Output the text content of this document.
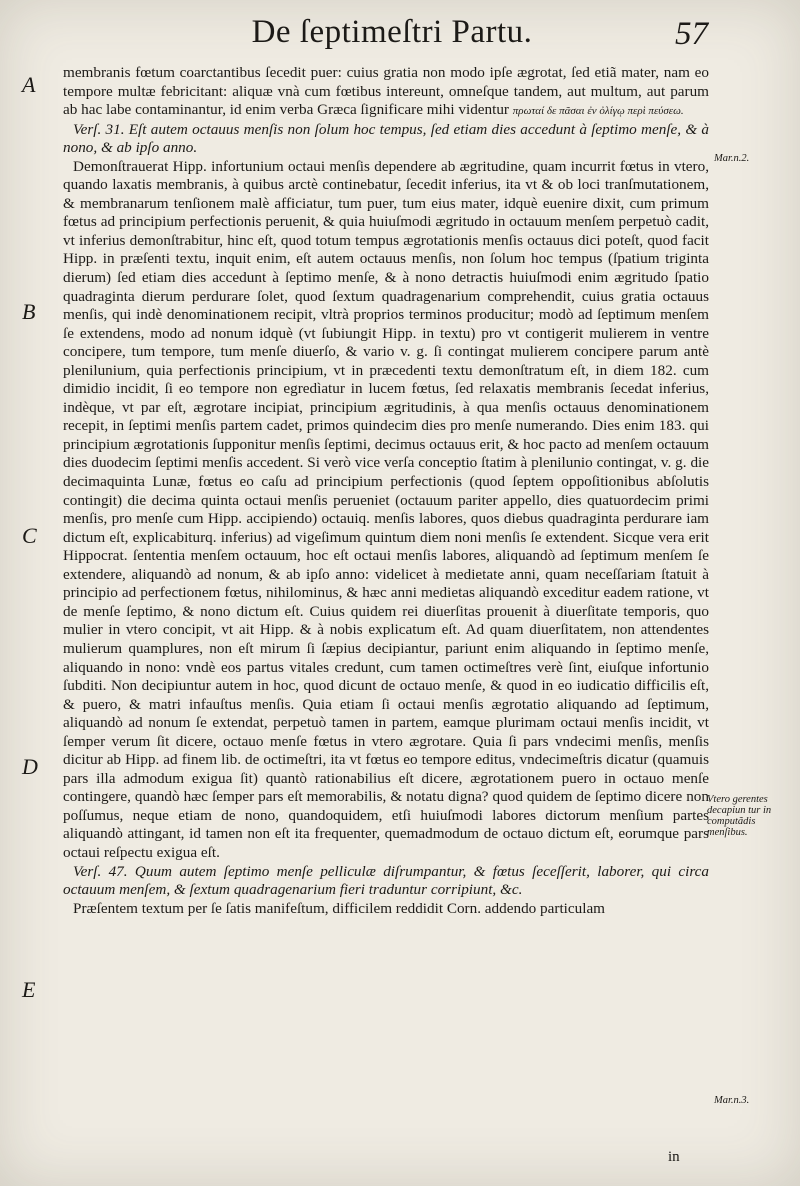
De ſeptimeſtri Partu.	57
A
B
C
D
E
Mar.n.2.
Vtero gerentes decapiun tur in computãdis menſibus.
Mar.n.3.

membranis fœtum coarctantibus ſecedit puer: cuius gratia non modo ipſe ægrotat, ſed etiã mater, nam eo tempore multæ febricitant: aliquæ vnà cum fœtibus intereunt, omneſque tandem, aut multum, aut parum ab hac labe contaminantur, id enim verba Græca ſignificare mihi videntur πρωταί δε πᾶσαι ἐν ὀλίγῳ περὶ πεύσεω.

Verſ. 31. Eſt autem octauus menſis non ſolum hoc tempus, ſed etiam dies accedunt à ſeptimo menſe, & à nono, & ab ipſo anno.

Demonſtrauerat Hipp. infortunium octaui menſis dependere ab ægritudine, quam incurrit fœtus in vtero, quando laxatis membranis, à quibus arctè continebatur, ſecedit inferius, ita vt & ob loci tranſmutationem, & membranarum tenſionem malè afficiatur, tum puer, tum eius mater, idquè euenire dixit, cum primum fœtus ad principium perfectionis peruenit, & quia huiuſmodi ægritudo in octauum menſem perpetuò cadit, vt inferius demonſtrabitur, hinc eſt, quod totum tempus ægrotationis menſis octauus dici poteſt, quod facit Hipp. in præſenti textu, inquit enim, eſt autem octauus menſis, non ſolum hoc tempus (ſpatium triginta dierum) ſed etiam dies accedunt à ſeptimo menſe, & à nono detractis huiuſmodi enim ægritudo ſpatio quadraginta dierum perdurare ſolet, quod ſextum quadragenarium comprehendit, cuius gratia octauus menſis, qui indè denominationem recipit, vltrà proprios terminos producitur; modò ad ſeptimum menſem ſe extendens, modo ad nonum idquè (vt ſubiungit Hipp. in textu) pro vt contigerit mulierem in ventre concipere, tum tempore, tum menſe diuerſo, & vario v. g. ſi contingat mulierem concipere parum antè plenilunium, quia perfectionis principium, vt in præcedenti textu demonſtratum eſt, in diem 182. cum dimidio incidit, ſi eo tempore non egredìatur in lucem fœtus, ſed relaxatis membranis ſecedat inferius, indèque, vt par eſt, ægrotare incipiat, principium ægritudinis, à qua menſis octauus denominationem recepit, in ſeptimi menſis partem cadet, primos quindecim dies pro menſe numerando. Dies enim 183. qui principium ægrotationis ſupponitur menſis ſeptimi, decimus octauus erit, & hoc pacto ad menſem octauum dies duodecim ſeptimi menſis accedent. Si verò vice verſa conceptio ſtatim à plenilunio contingat, v. g. die decimaquinta Lunæ, fœtus eo caſu ad principium perfectionis (quod ſeptem oppoſitionibus abſolutis contingit) die decima quinta octaui menſis perueniet (octauum pariter appello, dies quatuordecim primi menſis, pro menſe cum Hipp. accipiendo) octauiq. menſis labores, quos diebus quadraginta perdurare iam dictum eſt, explicabiturq. inferius) ad vigeſimum quintum diem noni menſis ſe extendent. Sicque vera erit Hippocrat. ſententia menſem octauum, hoc eſt octaui menſis labores, aliquandò ad ſeptimum menſem ſe extendere, aliquandò ad nonum, & ab ipſo anno: videlicet à medietate anni, quam neceſſariam ſtatuit à principio ad perfectionem fœtus, nihilominus, & hæc anni medietas aliquandò exceditur eadem ratione, vt de menſe ſeptimo, & nono dictum eſt. Cuius quidem rei diuerſitas prouenit à diuerſitate temporis, quo mulier in vtero concipit, vt ait Hipp. & à nobis explicatum eſt. Ad quam diuerſitatem, non attendentes mulierum quamplures, non eſt mirum ſi ſæpius decipiantur, pariunt enim aliquando in ſeptimo menſe, aliquando in nono: vndè eos partus vitales credunt, cum tamen octimeſtres verè ſint, eiuſque infortunio ſubditi. Non decipiuntur autem in hoc, quod dicunt de octauo menſe, & quod in eo iudicatio difficilis eſt, & puero, & matri infauſtus menſis. Quia etiam ſi octaui menſis ægrotatio aliquando ad ſeptimum, aliquandò ad nonum ſe extendat, perpetuò tamen in partem, eamque plurimam octaui menſis incidit, vt ſemper verum ſit dicere, octauo menſe fœtus in vtero ægrotare. Quia ſi pars vndecimi menſis, menſis dicitur ab Hipp. ad finem lib. de octimeſtri, ita vt fœtus eo tempore editus, vndecimeſtris dicatur (quamuis pars illa admodum exigua ſit) quantò rationabilius eſt dicere, ægrotationem puero in octauo menſe contingere, quandò hæc ſemper pars eſt memorabilis, & notatu digna? quod quidem de ſeptimo dicere non poſſumus, neque etiam de nono, quandoquidem, etſi huiuſmodi labores dictorum menſium partes aliquandò attingant, id tamen non eſt ita frequenter, quemadmodum de octauo dictum eſt, eorumque pars octaui reſpectu exigua eſt.

Verſ. 47. Quum autem ſeptimo menſe pelliculæ diſrumpantur, & fœtus ſeceſſerit, laborer, qui circa octauum menſem, & ſextum quadragenarium fieri traduntur corripiunt, &c.

Præſentem textum per ſe ſatis manifeſtum, difficilem reddidit Corn. addendo particulam

in
